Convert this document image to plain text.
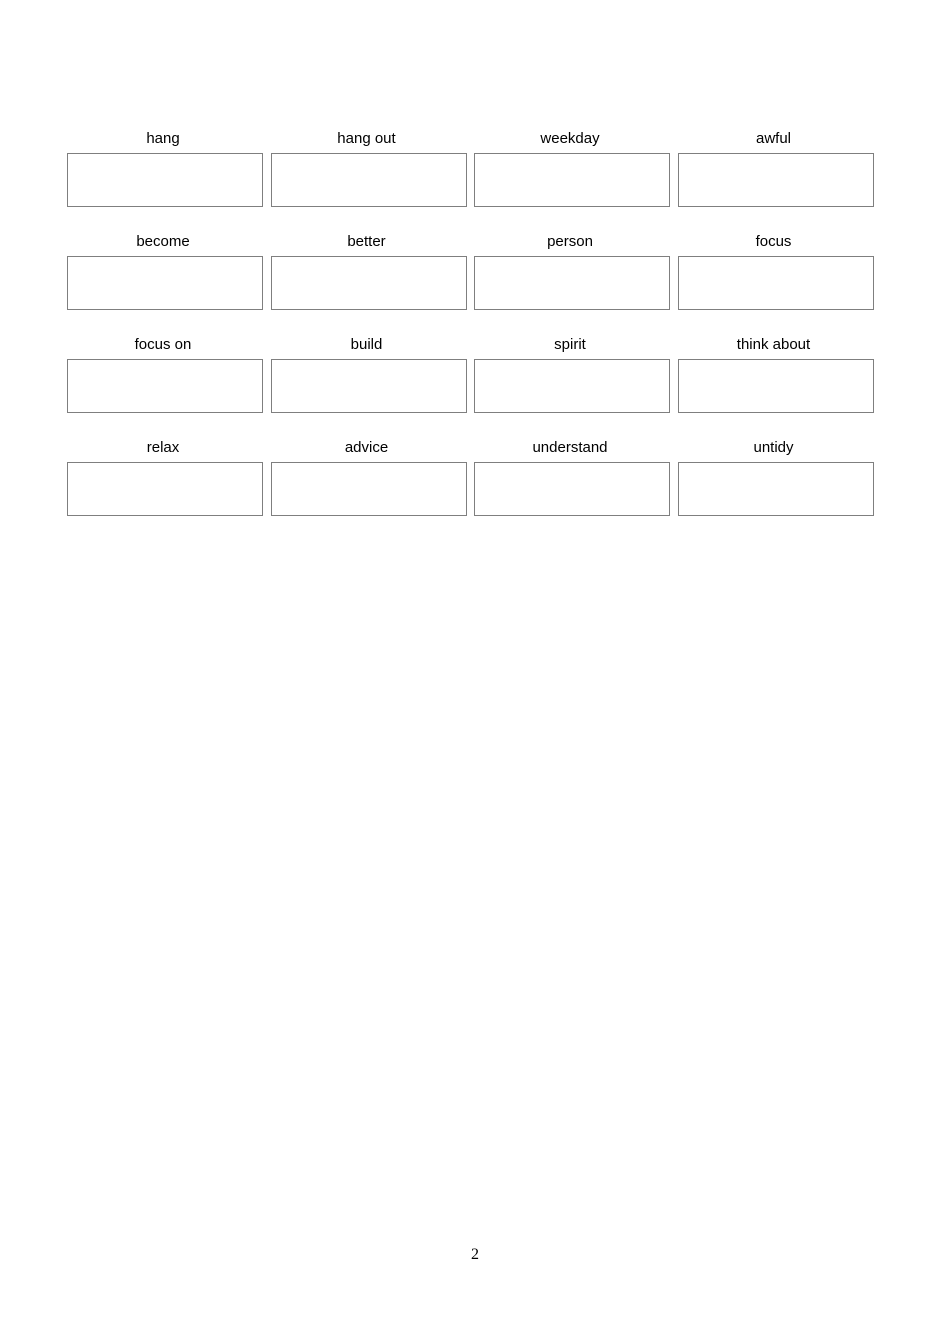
hang	hang out	weekday	awful
become	better	person	focus
focus on	build	spirit	think about
relax	advice	understand	untidy
2
